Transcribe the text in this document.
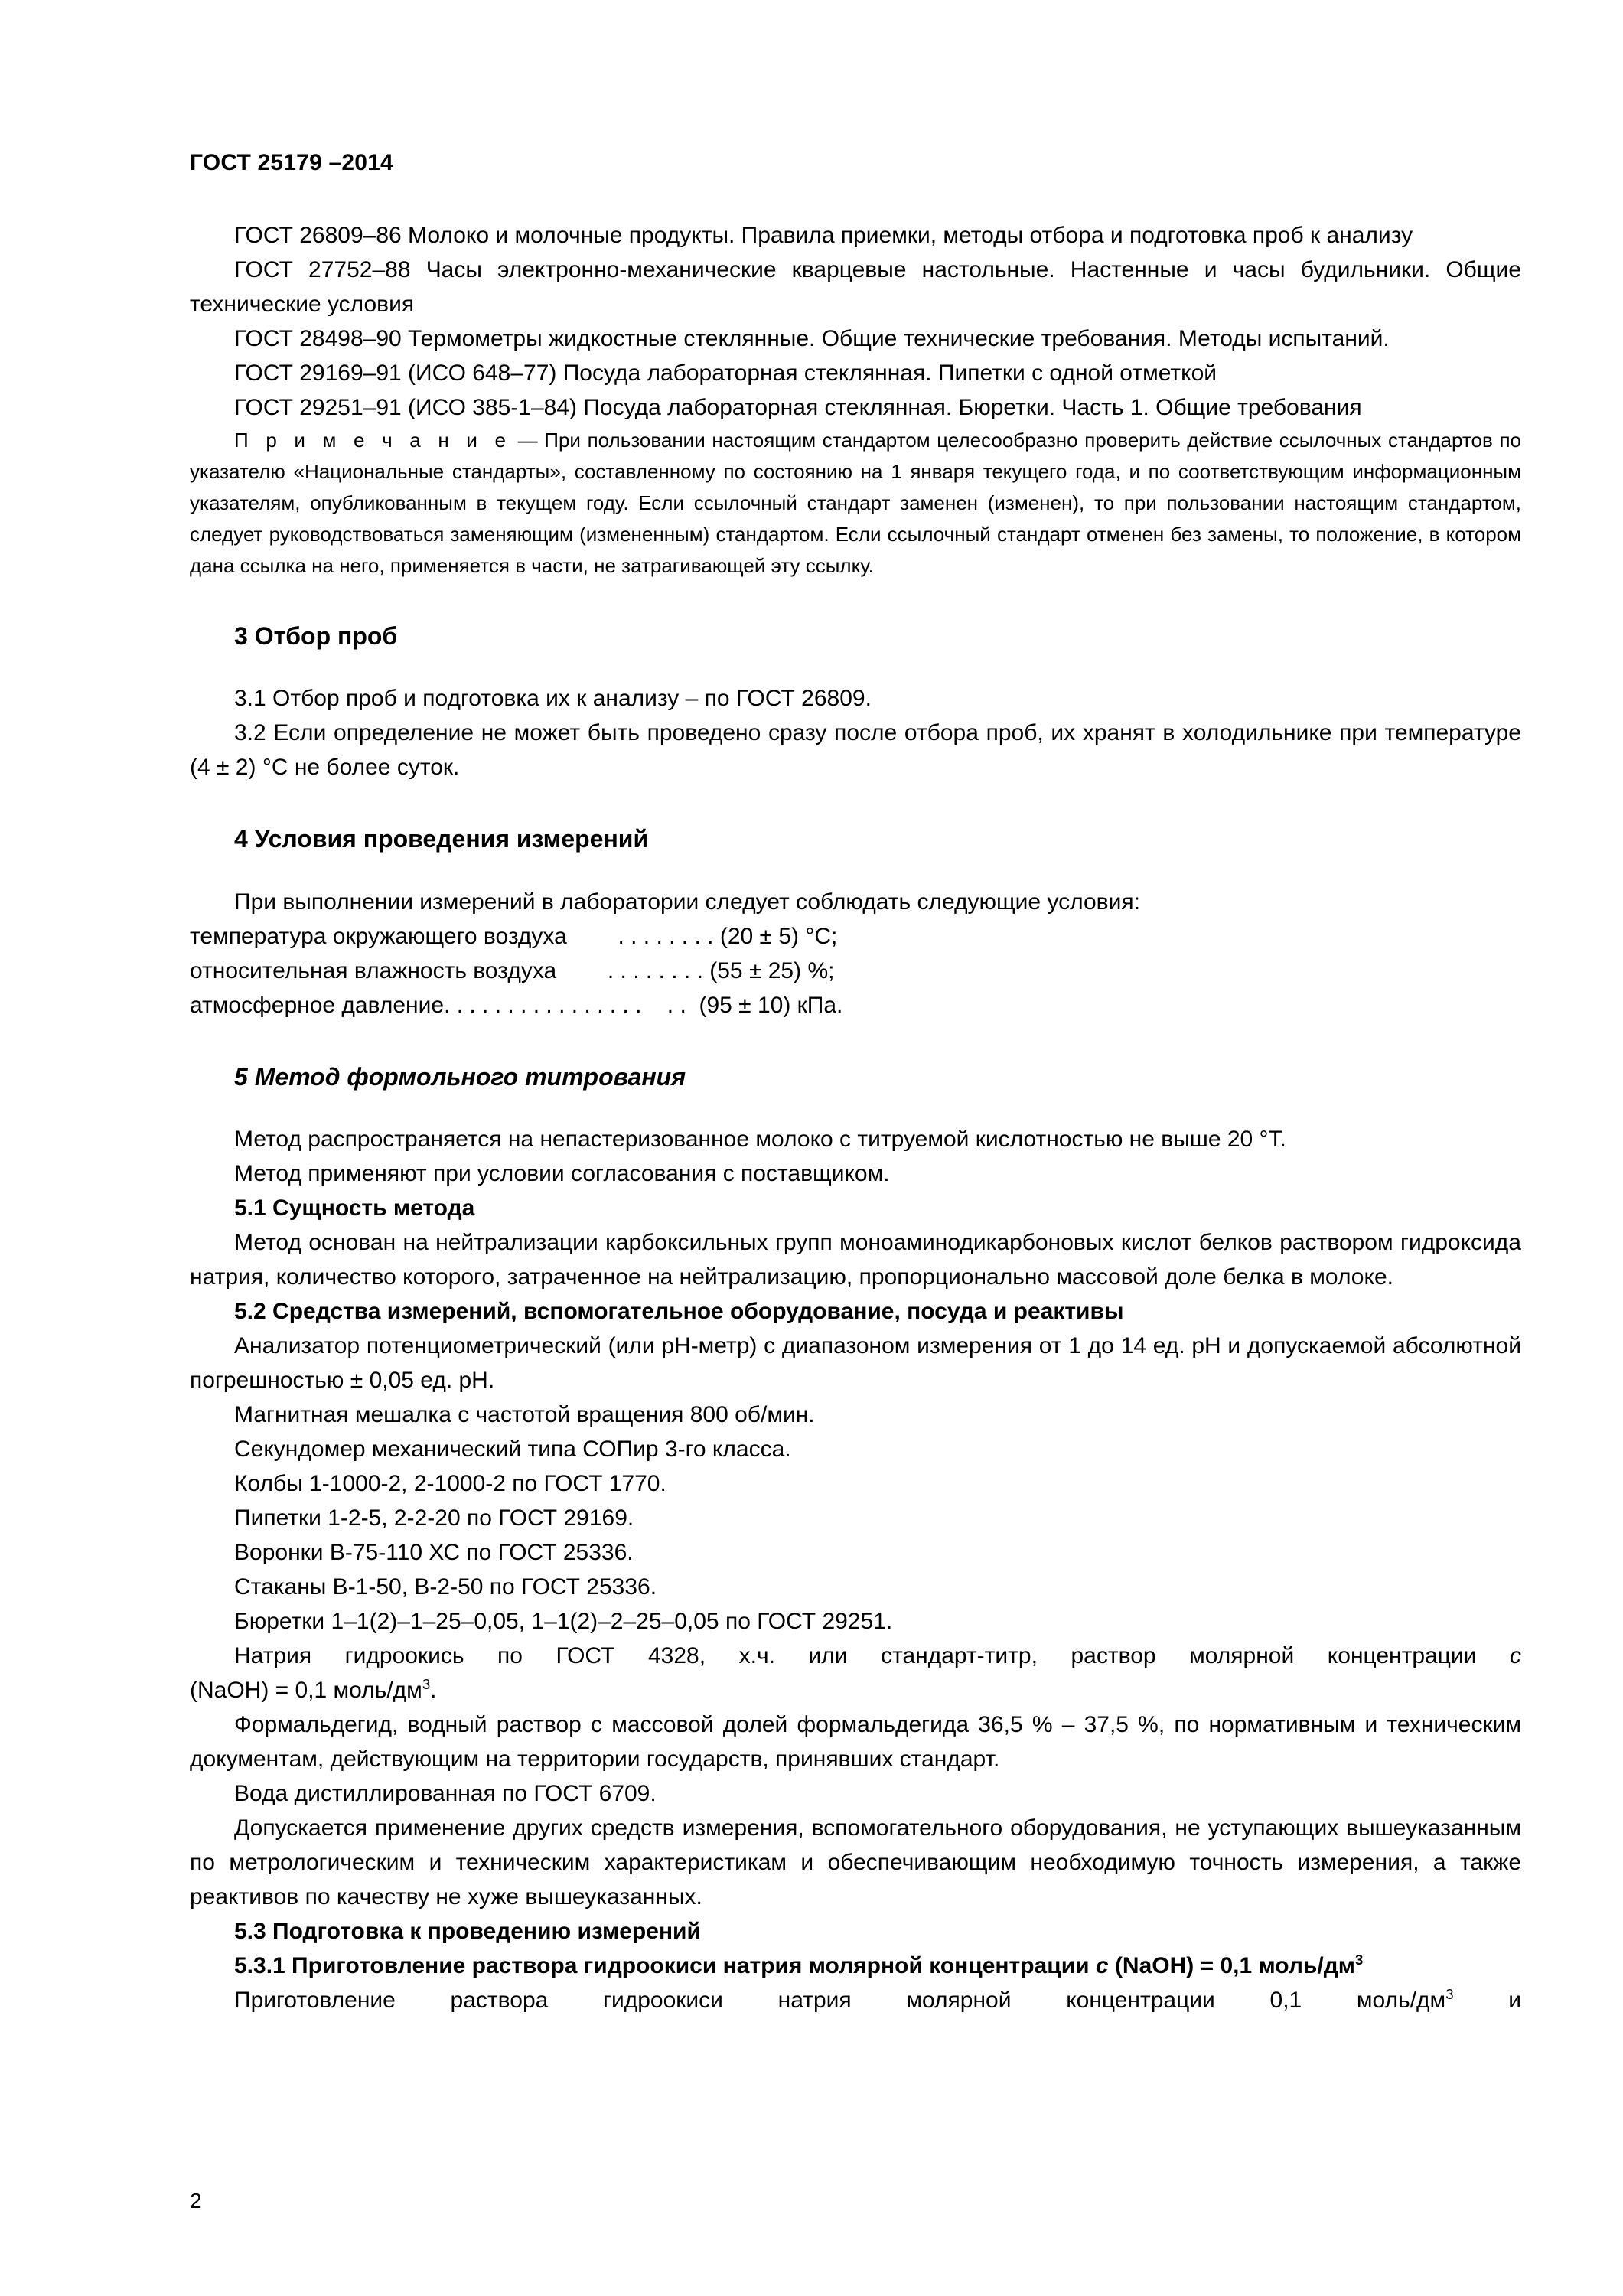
ГОСТ 25179 –2014

ГОСТ 26809–86 Молоко и молочные продукты. Правила приемки, методы отбора и подготовка проб к анализу

ГОСТ 27752–88 Часы электронно-механические кварцевые настольные. Настенные и часы будильники. Общие технические условия

ГОСТ 28498–90 Термометры жидкостные стеклянные. Общие технические требования. Методы испытаний.

ГОСТ 29169–91 (ИСО 648–77) Посуда лабораторная стеклянная. Пипетки с одной отметкой

ГОСТ 29251–91 (ИСО 385-1–84) Посуда лабораторная стеклянная. Бюретки. Часть 1. Общие требования

П р и м е ч а н и е — При пользовании настоящим стандартом целесообразно проверить действие ссылочных стандартов по указателю «Национальные стандарты», составленному по состоянию на 1 января текущего года, и по соответствующим информационным указателям, опубликованным в текущем году. Если ссылочный стандарт заменен (изменен), то при пользовании настоящим стандартом, следует руководствоваться заменяющим (измененным) стандартом. Если ссылочный стандарт отменен без замены, то положение, в котором дана ссылка на него, применяется в части, не затрагивающей эту ссылку.

3 Отбор проб

3.1 Отбор проб и подготовка их к анализу – по ГОСТ 26809.

3.2 Если определение не может быть проведено сразу после отбора проб, их хранят в холодильнике при температуре (4 ± 2) °С не более суток.

4 Условия проведения измерений

При выполнении измерений в лаборатории следует соблюдать следующие условия:

температура окружающего воздуха        . . . . . . . . (20 ± 5) °С;
относительная влажность воздуха        . . . . . . . . (55 ± 25) %;
атмосферное давление. . . . . . . . . . . . . . . .    . .  (95 ± 10) кПа.
5 Метод формольного титрования

Метод распространяется на непастеризованное молоко с титруемой кислотностью не выше 20 °Т.

Метод применяют при условии согласования с поставщиком.

5.1 Сущность метода

Метод основан на нейтрализации карбоксильных групп моноаминодикарбоновых кислот белков раствором гидроксида натрия, количество которого, затраченное на нейтрализацию, пропорционально массовой доле белка в молоке.

5.2 Средства измерений, вспомогательное оборудование, посуда и реактивы

Анализатор потенциометрический (или рН-метр) с диапазоном измерения от 1 до 14 ед. рН и допускаемой абсолютной погрешностью ± 0,05 ед. рН.

Магнитная мешалка с частотой вращения 800 об/мин.

Секундомер механический типа СОПир 3-го класса.

Колбы 1-1000-2, 2-1000-2 по ГОСТ 1770.

Пипетки 1-2-5, 2-2-20 по ГОСТ 29169.

Воронки В-75-110 ХС по ГОСТ 25336.

Стаканы В-1-50, В-2-50 по ГОСТ 25336.

Бюретки 1–1(2)–1–25–0,05, 1–1(2)–2–25–0,05 по ГОСТ 29251.

Натрия гидроокись по ГОСТ 4328, х.ч. или стандарт-титр, раствор молярной концентрации c

(NaOH) = 0,1 моль/$дм^3$.

Формальдегид, водный раствор с массовой долей формальдегида 36,5 % – 37,5 %, по нормативным и техническим документам, действующим на территории государств, принявших стандарт.

Вода дистиллированная по ГОСТ 6709.

Допускается применение других средств измерения, вспомогательного оборудования, не уступающих вышеуказанным по метрологическим и техническим характеристикам и обеспечивающим необходимую точность измерения, а также реактивов по качеству не хуже вышеуказанных.

5.3 Подготовка к проведению измерений
5.3.1 Приготовление раствора гидроокиси натрия молярной концентрации c (NaOH) = 0,1 моль/$дм^3$

Приготовление раствора гидроокиси натрия молярной концентрации 0,1 моль/$дм^3$ и

2
